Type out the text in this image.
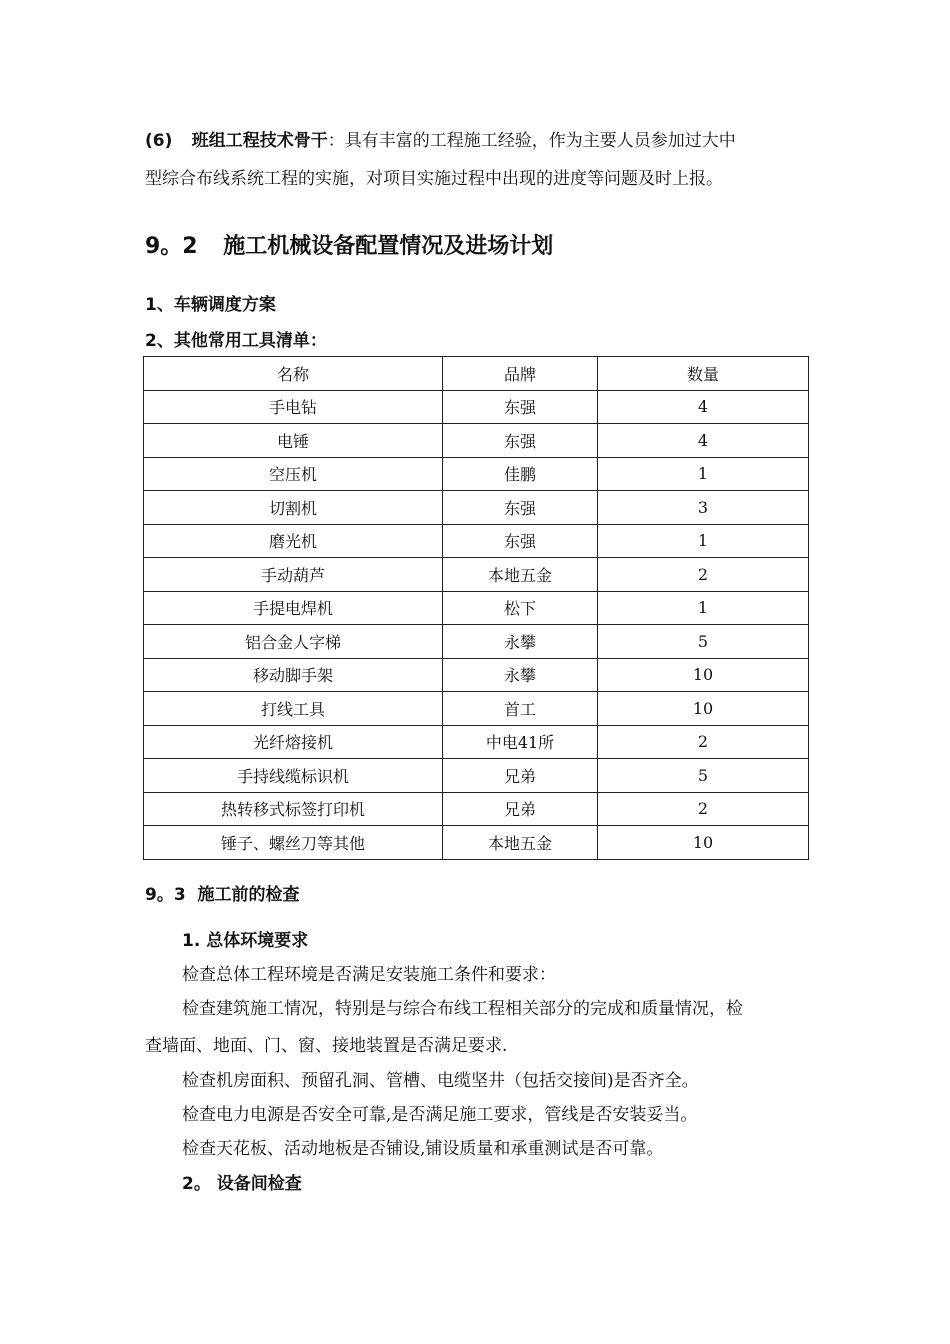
(6) 班组工程技术骨干：具有丰富的工程施工经验，作为主要人员参加过大中
型综合布线系统工程的实施，对项目实施过程中出现的进度等问题及时上报。
9。2 施工机械设备配置情况及进场计划
1、车辆调度方案
2、其他常用工具清单：
名称	品牌	数量
手电钻	东强	4
电锤	东强	4
空压机	佳鹏	1
切割机	东强	3
磨光机	东强	1
手动葫芦	本地五金	2
手提电焊机	松下	1
铝合金人字梯	永攀	5
移动脚手架	永攀	10
打线工具	首工	10
光纤熔接机	中电41所	2
手持线缆标识机	兄弟	5
热转移式标签打印机	兄弟	2
锤子、螺丝刀等其他	本地五金	10
9。3  施工前的检查
1. 总体环境要求
检查总体工程环境是否满足安装施工条件和要求：
检查建筑施工情况，特别是与综合布线工程相关部分的完成和质量情况，检
查墙面、地面、门、窗、接地装置是否满足要求.
检查机房面积、预留孔洞、管槽、电缆坚井（包括交接间)是否齐全。
检查电力电源是否安全可靠,是否满足施工要求，管线是否安装妥当。
检查天花板、活动地板是否铺设,铺设质量和承重测试是否可靠。
2。 设备间检查
